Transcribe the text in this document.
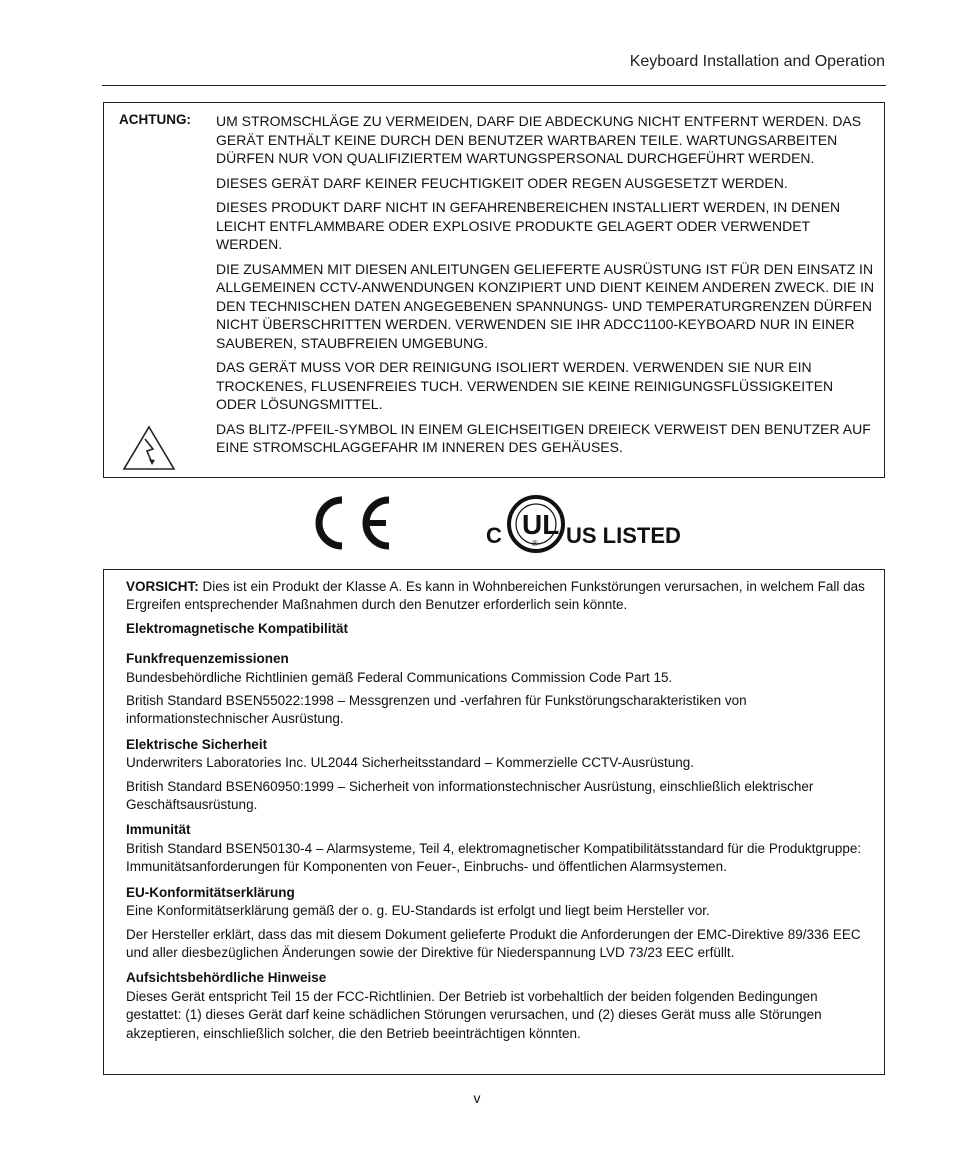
Keyboard Installation and Operation
ACHTUNG: UM STROMSCHLÄGE ZU VERMEIDEN, DARF DIE ABDECKUNG NICHT ENTFERNT WERDEN. DAS GERÄT ENTHÄLT KEINE DURCH DEN BENUTZER WARTBAREN TEILE. WARTUNGSARBEITEN DÜRFEN NUR VON QUALIFIZIERTEM WARTUNGSPERSONAL DURCHGEFÜHRT WERDEN.

DIESES GERÄT DARF KEINER FEUCHTIGKEIT ODER REGEN AUSGESETZT WERDEN.

DIESES PRODUKT DARF NICHT IN GEFAHRENBEREICHEN INSTALLIERT WERDEN, IN DENEN LEICHT ENTFLAMMBARE ODER EXPLOSIVE PRODUKTE GELAGERT ODER VERWENDET WERDEN.

DIE ZUSAMMEN MIT DIESEN ANLEITUNGEN GELIEFERTE AUSRÜSTUNG IST FÜR DEN EINSATZ IN ALLGEMEINEN CCTV-ANWENDUNGEN KONZIPIERT UND DIENT KEINEM ANDEREN ZWECK. DIE IN DEN TECHNISCHEN DATEN ANGEGEBENEN SPANNUNGS- UND TEMPERATURGRENZEN DÜRFEN NICHT ÜBERSCHRITTEN WERDEN. VERWENDEN SIE IHR ADCC1100-KEYBOARD NUR IN EINER SAUBEREN, STAUBFREIEN UMGEBUNG.

DAS GERÄT MUSS VOR DER REINIGUNG ISOLIERT WERDEN. VERWENDEN SIE NUR EIN TROCKENES, FLUSENFREIES TUCH. VERWENDEN SIE KEINE REINIGUNGSFLÜSSIGKEITEN ODER LÖSUNGSMITTEL.

DAS BLITZ-/PFEIL-SYMBOL IN EINEM GLEICHSEITIGEN DREIECK VERWEIST DEN BENUTZER AUF EINE STROMSCHLAGGEFAHR IM INNEREN DES GEHÄUSES.

C UL
® US LISTED

VORSICHT: Dies ist ein Produkt der Klasse A. Es kann in Wohnbereichen Funkstörungen verursachen, in welchem Fall das Ergreifen entsprechender Maßnahmen durch den Benutzer erforderlich sein könnte.

Elektromagnetische Kompatibilität

Funkfrequenzemissionen

Bundesbehördliche Richtlinien gemäß Federal Communications Commission Code Part 15.

British Standard BSEN55022:1998 – Messgrenzen und -verfahren für Funkstörungscharakteristiken von informationstechnischer Ausrüstung.

Elektrische Sicherheit

Underwriters Laboratories Inc. UL2044 Sicherheitsstandard – Kommerzielle CCTV-Ausrüstung.

British Standard BSEN60950:1999 – Sicherheit von informationstechnischer Ausrüstung, einschließlich elektrischer Geschäftsausrüstung.

Immunität

British Standard BSEN50130-4 – Alarmsysteme, Teil 4, elektromagnetischer Kompatibilitätsstandard für die Produktgruppe: Immunitätsanforderungen für Komponenten von Feuer-, Einbruchs- und öffentlichen Alarmsystemen.

EU-Konformitätserklärung

Eine Konformitätserklärung gemäß der o. g. EU-Standards ist erfolgt und liegt beim Hersteller vor.

Der Hersteller erklärt, dass das mit diesem Dokument gelieferte Produkt die Anforderungen der EMC-Direktive 89/336 EEC und aller diesbezüglichen Änderungen sowie der Direktive für Niederspannung LVD 73/23 EEC erfüllt.

Aufsichtsbehördliche Hinweise

Dieses Gerät entspricht Teil 15 der FCC-Richtlinien. Der Betrieb ist vorbehaltlich der beiden folgenden Bedingungen gestattet: (1) dieses Gerät darf keine schädlichen Störungen verursachen, und (2) dieses Gerät muss alle Störungen akzeptieren, einschließlich solcher, die den Betrieb beeinträchtigen könnten.

v
